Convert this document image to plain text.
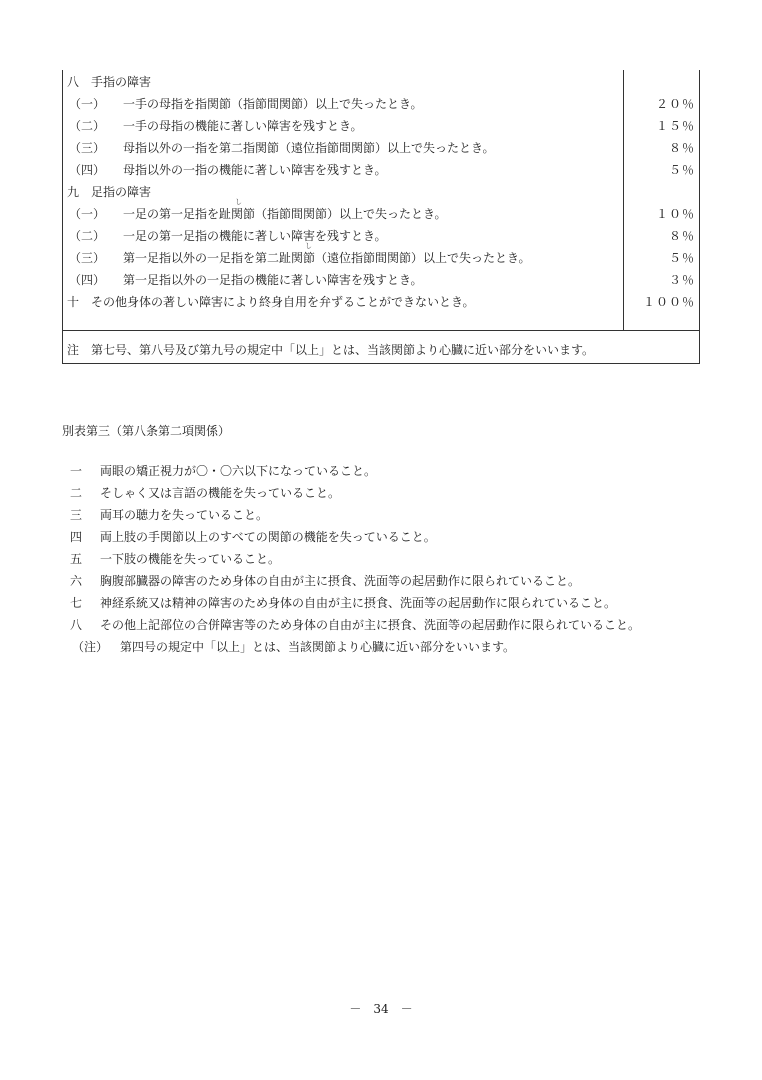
八　手指の障害
（一） 一手の母指を指関節（指節間関節）以上で失ったとき。	２０％
（二） 一手の母指の機能に著しい障害を残すとき。	１５％
（三） 母指以外の一指を第二指関節（遠位指節間関節）以上で失ったとき。	８％
（四） 母指以外の一指の機能に著しい障害を残すとき。	５％
九　足指の障害
し
（一） 一足の第一足指を趾関節（指節間関節）以上で失ったとき。	１０％
（二） 一足の第一足指の機能に著しい障害を残すとき。	８％
し
（三） 第一足指以外の一足指を第二趾関節（遠位指節間関節）以上で失ったとき。	５％
（四） 第一足指以外の一足指の機能に著しい障害を残すとき。	３％
十　その他身体の著しい障害により終身自用を弁ずることができないとき。	１００％
注　第七号、第八号及び第九号の規定中「以上」とは、当該関節より心臓に近い部分をいいます。
別表第三（第八条第二項関係）
一 両眼の矯正視力が〇・〇六以下になっていること。
二 そしゃく又は言語の機能を失っていること。
三 両耳の聴力を失っていること。
四 両上肢の手関節以上のすべての関節の機能を失っていること。
五 一下肢の機能を失っていること。
六 胸腹部臓器の障害のため身体の自由が主に摂食、洗面等の起居動作に限られていること。
七 神経系統又は精神の障害のため身体の自由が主に摂食、洗面等の起居動作に限られていること。
八 その他上記部位の合併障害等のため身体の自由が主に摂食、洗面等の起居動作に限られていること。
（注） 第四号の規定中「以上」とは、当該関節より心臓に近い部分をいいます。
－　34　－
